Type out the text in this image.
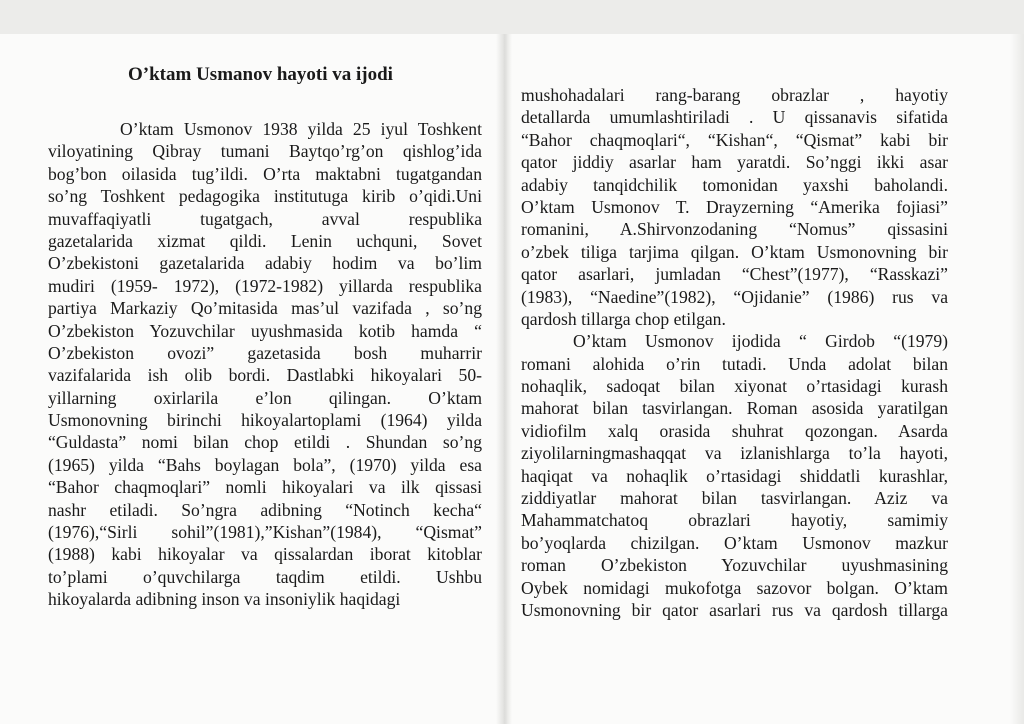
O’ktam Usmanov hayoti va ijodi
O’ktam Usmonov 1938 yilda 25 iyul Toshkent
viloyatining Qibray tumani Baytqo’rg’on qishlog’ida
bog’bon oilasida tug’ildi. O’rta maktabni tugatgandan
so’ng Toshkent pedagogika institutuga kirib o’qidi.Uni
muvaffaqiyatli tugatgach, avval respublika
gazetalarida xizmat qildi. Lenin uchquni, Sovet
O’zbekistoni gazetalarida adabiy hodim va bo’lim
mudiri (1959- 1972), (1972-1982) yillarda respublika
partiya Markaziy Qo’mitasida mas’ul vazifada , so’ng
O’zbekiston Yozuvchilar uyushmasida kotib hamda “
O’zbekiston ovozi” gazetasida bosh muharrir
vazifalarida ish olib bordi. Dastlabki hikoyalari 50-
yillarning oxirlarila e’lon qilingan. O’ktam
Usmonovning birinchi hikoyalartoplami (1964) yilda
“Guldasta” nomi bilan chop etildi . Shundan so’ng
(1965) yilda “Bahs boylagan bola”, (1970) yilda esa
“Bahor chaqmoqlari” nomli hikoyalari va ilk qissasi
nashr etiladi. So’ngra adibning “Notinch kecha“
(1976),“Sirli sohil”(1981),”Kishan”(1984), “Qismat”
(1988) kabi hikoyalar va qissalardan iborat kitoblar
to’plami o’quvchilarga taqdim etildi. Ushbu
hikoyalarda adibning inson va insoniylik haqidagi
mushohadalari rang-barang obrazlar , hayotiy
detallarda umumlashtiriladi . U qissanavis sifatida
“Bahor chaqmoqlari“, “Kishan“, “Qismat” kabi bir
qator jiddiy asarlar ham yaratdi. So’nggi ikki asar
adabiy tanqidchilik tomonidan yaxshi baholandi.
O’ktam Usmonov T. Drayzerning “Amerika fojiasi”
romanini, A.Shirvonzodaning “Nomus” qissasini
o’zbek tiliga tarjima qilgan. O’ktam Usmonovning bir
qator asarlari, jumladan “Chest”(1977), “Rasskazi”
(1983), “Naedine”(1982), “Ojidanie” (1986) rus va
qardosh tillarga chop etilgan.
O’ktam Usmonov ijodida “ Girdob “(1979)
romani alohida o’rin tutadi. Unda adolat bilan
nohaqlik, sadoqat bilan xiyonat o’rtasidagi kurash
mahorat bilan tasvirlangan. Roman asosida yaratilgan
vidiofilm xalq orasida shuhrat qozongan. Asarda
ziyolilarningmashaqqat va izlanishlarga to’la hayoti,
haqiqat va nohaqlik o’rtasidagi shiddatli kurashlar,
ziddiyatlar mahorat bilan tasvirlangan. Aziz va
Mahammatchatoq obrazlari hayotiy, samimiy
bo’yoqlarda chizilgan. O’ktam Usmonov mazkur
roman O’zbekiston Yozuvchilar uyushmasining
Oybek nomidagi mukofotga sazovor bolgan. O’ktam
Usmonovning bir qator asarlari rus va qardosh tillarga
